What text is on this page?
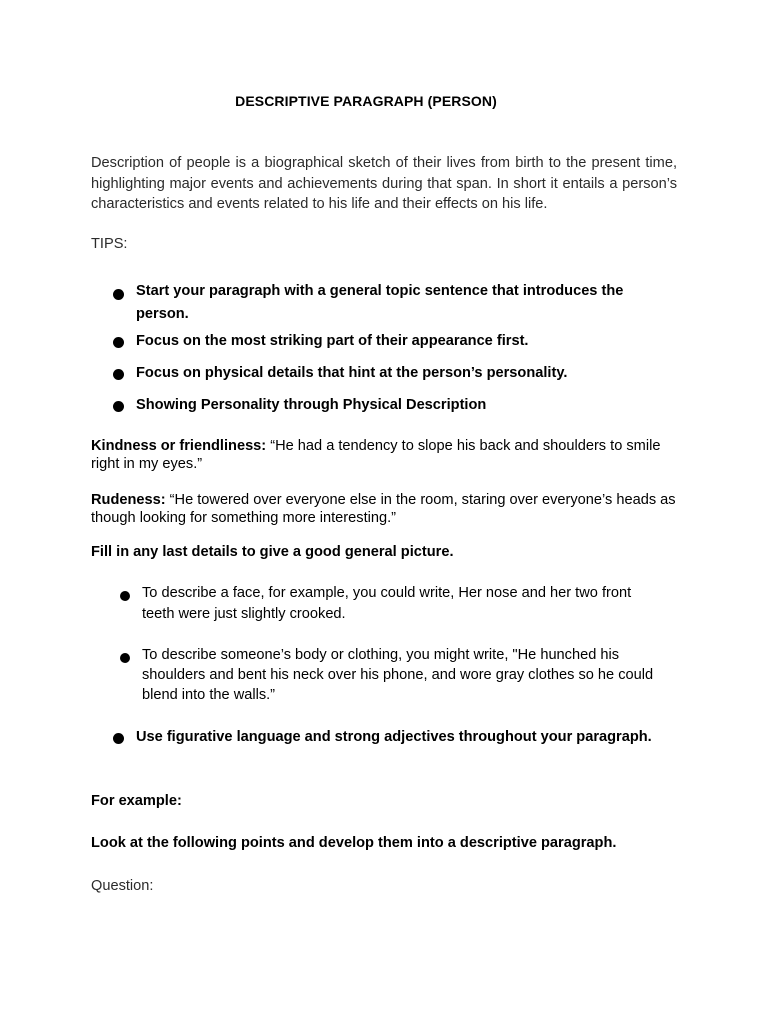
DESCRIPTIVE PARAGRAPH (PERSON)
Description of people is a biographical sketch of their lives from birth to the present time, highlighting major events and achievements during that span. In short it entails a person’s characteristics and events related to his life and their effects on his life.
TIPS:
Start your paragraph with a general topic sentence that introduces the person.
Focus on the most striking part of their appearance first.
Focus on physical details that hint at the person’s personality.
Showing Personality through Physical Description
Kindness or friendliness: “He had a tendency to slope his back and shoulders to smile right in my eyes.”
Rudeness: “He towered over everyone else in the room, staring over everyone’s heads as though looking for something more interesting.”
Fill in any last details to give a good general picture.
To describe a face, for example, you could write, Her nose and her two front teeth were just slightly crooked.
To describe someone’s body or clothing, you might write, "He hunched his shoulders and bent his neck over his phone, and wore gray clothes so he could blend into the walls.”
Use figurative language and strong adjectives throughout your paragraph.
For example:
Look at the following points and develop them into a descriptive paragraph.
Question:
